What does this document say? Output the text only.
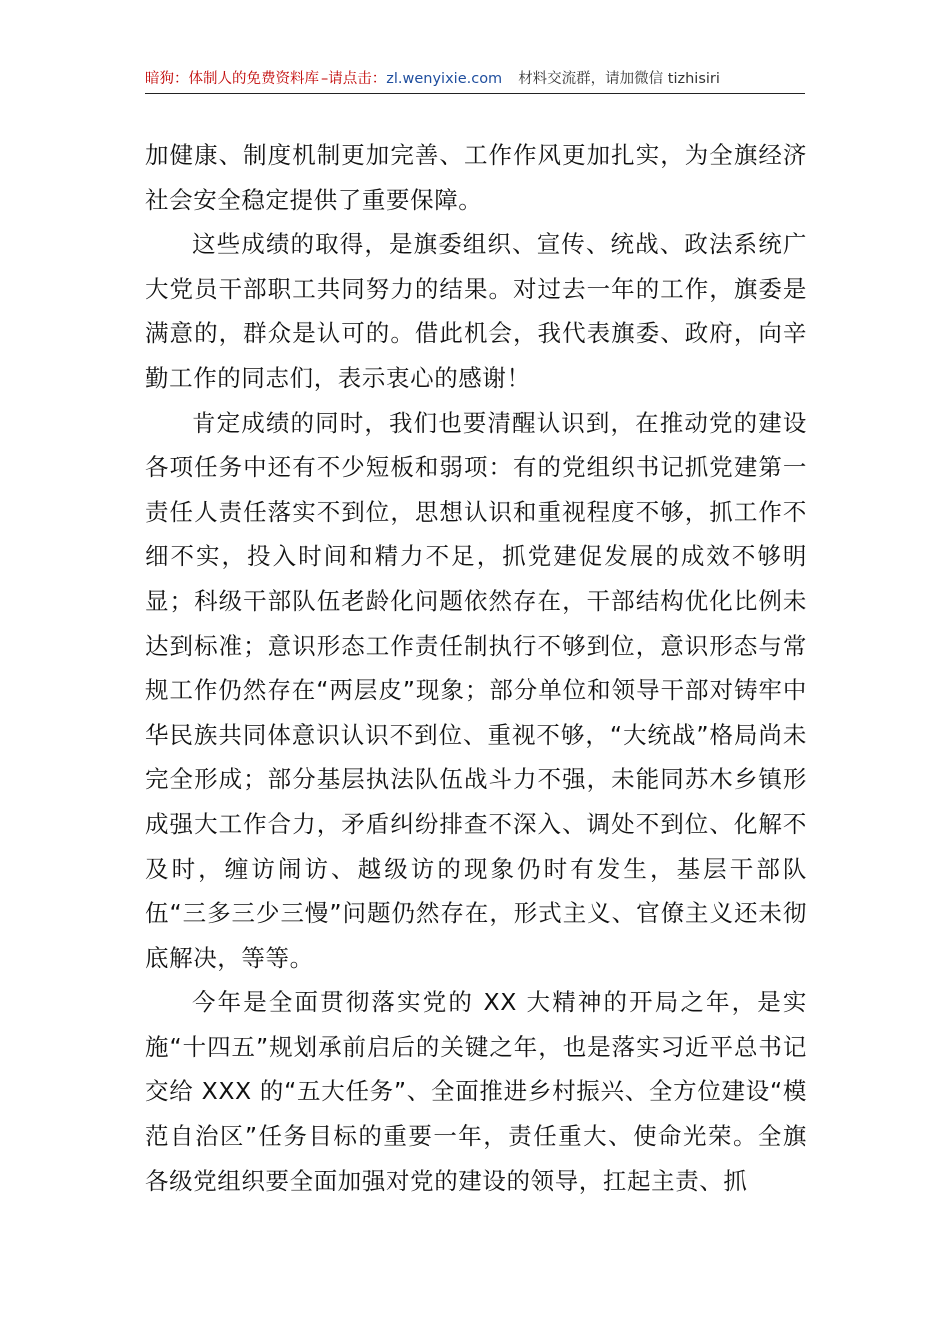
暗狗：体制人的免费资料库 –请点击：zl.wenyixie.com 材料交流群，请加微信 tizhisiri

加健康、制度机制更加完善、工作作风更加扎实，为全旗经济社会安全稳定提供了重要保障。

这些成绩的取得，是旗委组织、宣传、统战、政法系统广大党员干部职工共同努力的结果。对过去一年的工作，旗委是满意的，群众是认可的。借此机会，我代表旗委、政府，向辛勤工作的同志们，表示衷心的感谢！

肯定成绩的同时，我们也要清醒认识到，在推动党的建设各项任务中还有不少短板和弱项：有的党组织书记抓党建第一责任人责任落实不到位，思想认识和重视程度不够，抓工作不细不实，投入时间和精力不足，抓党建促发展的成效不够明显；科级干部队伍老龄化问题依然存在，干部结构优化比例未达到标准；意识形态工作责任制执行不够到位，意识形态与常规工作仍然存在“两层皮”现象；部分单位和领导干部对铸牢中华民族共同体意识认识不到位、重视不够，“大统战”格局尚未完全形成；部分基层执法队伍战斗力不强，未能同苏木乡镇形成强大工作合力，矛盾纠纷排查不深入、调处不到位、化解不及时，缠访闹访、越级访的现象仍时有发生，基层干部队伍“三多三少三慢”问题仍然存在，形式主义、官僚主义还未彻底解决，等等。

今年是全面贯彻落实党的 XX 大精神的开局之年，是实施“十四五”规划承前启后的关键之年，也是落实习近平总书记交给 XXX 的“五大任务”、全面推进乡村振兴、全方位建设“模范自治区”任务目标的重要一年，责任重大、使命光荣。全旗各级党组织要全面加强对党的建设的领导，扛起主责、抓
